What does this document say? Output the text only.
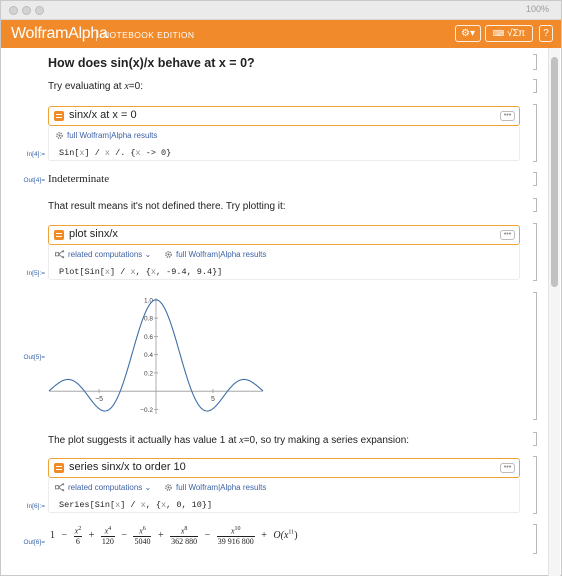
100%
WolframAlpha
NOTEBOOK EDITION	⚙▾	⌨ √Σπ	?
How does sin(x)/x behave at x = 0?
Try evaluating at x=0:
sinx/x at x = 0	•••
full Wolfram|Alpha results
Sin[x] / x /. {x -> 0}
In[4]:=
Out[4]= Indeterminate
That result means it's not defined there. Try plotting it:
plot sinx/x	•••
related computations ⌄	full Wolfram|Alpha results
Plot[Sin[x] / x, {x, -9.4, 9.4}]
In[5]:=
Out[5]=
−5	5
1.0
0.8
0.6
0.4
0.2
−0.2
The plot suggests it actually has value 1 at x=0, so try making a series expansion:
series sinx/x to order 10	•••
related computations ⌄	full Wolfram|Alpha results
Series[Sin[x] / x, {x, 0, 10}]
In[6]:=
Out[6]=
$1 - \frac{x^2}{6} + \frac{x^4}{120} - \frac{x^6}{5040} + \frac{x^8}{362 880} - \frac{x^{10}}{39 916 800} + O(x^{11})$
